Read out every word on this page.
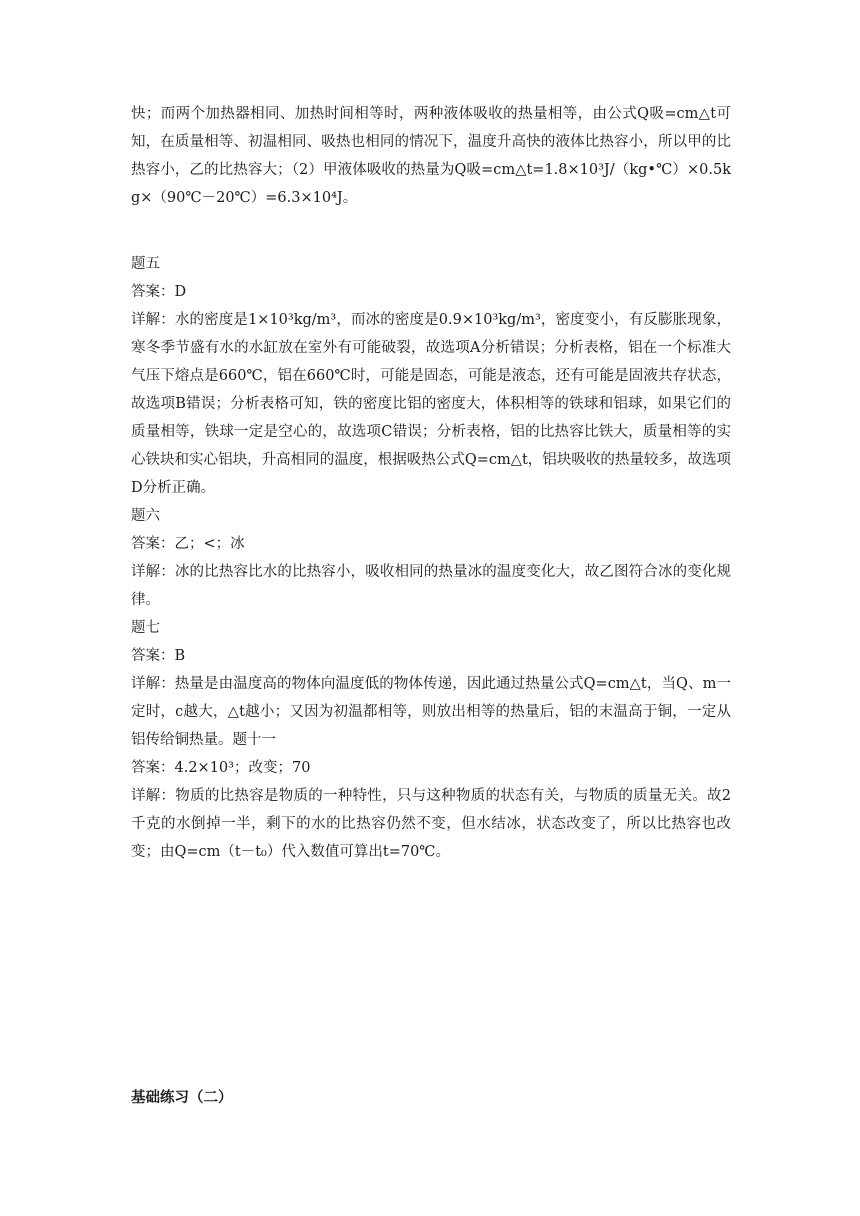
快；而两个加热器相同、加热时间相等时，两种液体吸收的热量相等，由公式Q吸=cm△t可知，在质量相等、初温相同、吸热也相同的情况下，温度升高快的液体比热容小，所以甲的比热容小，乙的比热容大；（2）甲液体吸收的热量为Q吸=cm△t=1.8×10³J/（kg•℃）×0.5kg×（90℃－20℃）=6.3×10⁴J。

题五

答案：D

详解：水的密度是1×10³kg/m³，而冰的密度是0.9×10³kg/m³，密度变小，有反膨胀现象，寒冬季节盛有水的水缸放在室外有可能破裂，故选项A分析错误；分析表格，铝在一个标准大气压下熔点是660℃，铝在660℃时，可能是固态，可能是液态，还有可能是固液共存状态，故选项B错误；分析表格可知，铁的密度比铝的密度大，体积相等的铁球和铝球，如果它们的质量相等，铁球一定是空心的，故选项C错误；分析表格，铝的比热容比铁大，质量相等的实心铁块和实心铝块，升高相同的温度，根据吸热公式Q=cm△t，铝块吸收的热量较多，故选项D分析正确。

题六

答案：乙；<；冰

详解：冰的比热容比水的比热容小，吸收相同的热量冰的温度变化大，故乙图符合冰的变化规律。

题七

答案：B

详解：热量是由温度高的物体向温度低的物体传递，因此通过热量公式Q=cm△t，当Q、m一定时，c越大，△t越小；又因为初温都相等，则放出相等的热量后，铝的末温高于铜，一定从铝传给铜热量。题十一

答案：4.2×10³；改变；70

详解：物质的比热容是物质的一种特性，只与这种物质的状态有关，与物质的质量无关。故2千克的水倒掉一半，剩下的水的比热容仍然不变，但水结冰，状态改变了，所以比热容也改变；由Q=cm（t－t₀）代入数值可算出t=70℃。

基础练习（二）
